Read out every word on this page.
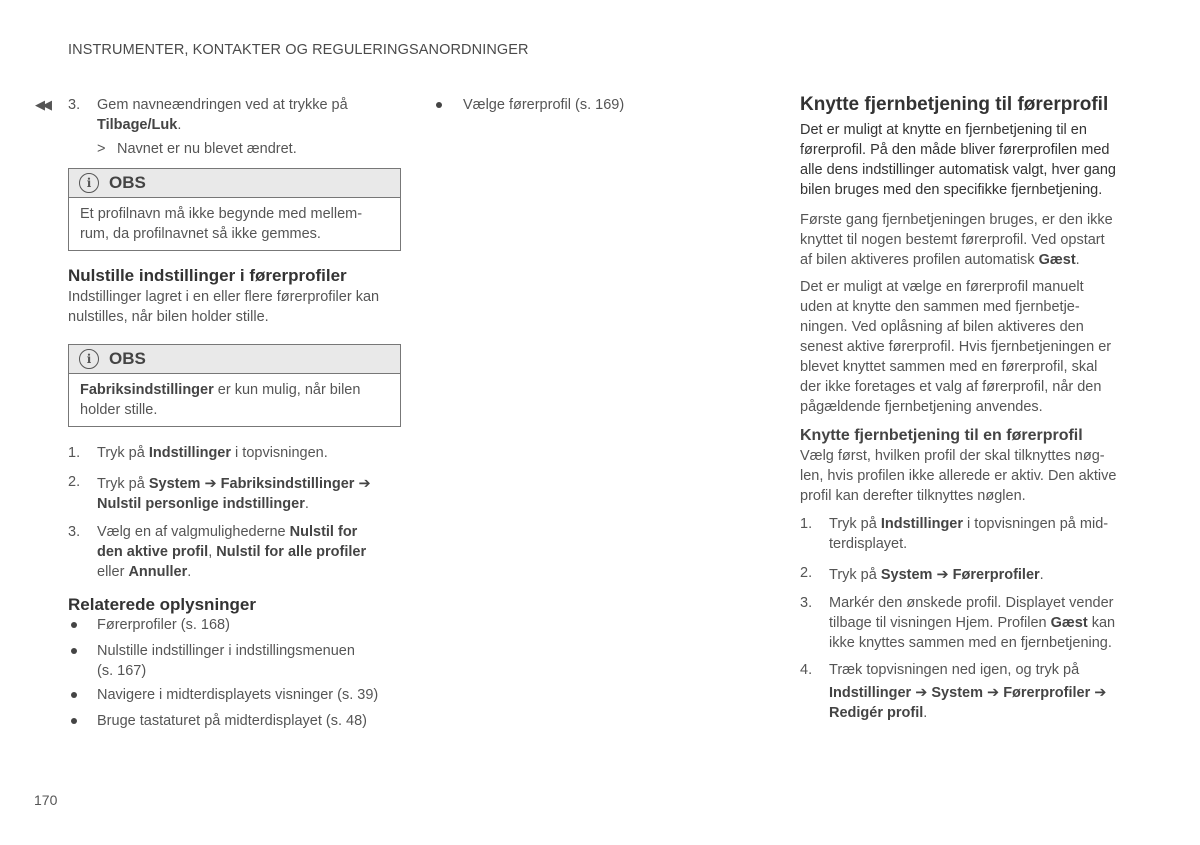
INSTRUMENTER, KONTAKTER OG REGULERINGSANORDNINGER
◀◀ 3. Gem navneændringen ved at trykke på
Tilbage/Luk.
> Navnet er nu blevet ændret.
i	OBS
Et profilnavn må ikke begynde med mellem-
rum, da profilnavnet så ikke gemmes.
Nulstille indstillinger i førerprofiler
Indstillinger lagret i en eller flere førerprofiler kan
nulstilles, når bilen holder stille.
i	OBS
Fabriksindstillinger er kun mulig, når bilen
holder stille.
1. Tryk på Indstillinger i topvisningen.
2. Tryk på System ➔ Fabriksindstillinger ➔
Nulstil personlige indstillinger.
3. Vælg en af valgmulighederne Nulstil for
den aktive profil, Nulstil for alle profiler
eller Annuller.
Relaterede oplysninger
Førerprofiler (s. 168)
Nulstille indstillinger i indstillingsmenuen
(s. 167)
Navigere i midterdisplayets visninger (s. 39)
Bruge tastaturet på midterdisplayet (s. 48)
Vælge førerprofil (s. 169)	Knytte fjernbetjening til førerprofil
Det er muligt at knytte en fjernbetjening til en
førerprofil. På den måde bliver førerprofilen med
alle dens indstillinger automatisk valgt, hver gang
bilen bruges med den specifikke fjernbetjening.
Første gang fjernbetjeningen bruges, er den ikke
knyttet til nogen bestemt førerprofil. Ved opstart
af bilen aktiveres profilen automatisk Gæst.
Det er muligt at vælge en førerprofil manuelt
uden at knytte den sammen med fjernbetje-
ningen. Ved oplåsning af bilen aktiveres den
senest aktive førerprofil. Hvis fjernbetjeningen er
blevet knyttet sammen med en førerprofil, skal
der ikke foretages et valg af førerprofil, når den
pågældende fjernbetjening anvendes.
Knytte fjernbetjening til en førerprofil
Vælg først, hvilken profil der skal tilknyttes nøg-
len, hvis profilen ikke allerede er aktiv. Den aktive
profil kan derefter tilknyttes nøglen.
1. Tryk på Indstillinger i topvisningen på mid-
terdisplayet.
2. Tryk på System ➔ Førerprofiler.
3. Markér den ønskede profil. Displayet vender
tilbage til visningen Hjem. Profilen Gæst kan
ikke knyttes sammen med en fjernbetjening.
4. Træk topvisningen ned igen, og tryk på

Indstillinger ➔ System ➔ Førerprofiler ➔
Redigér profil.
170
